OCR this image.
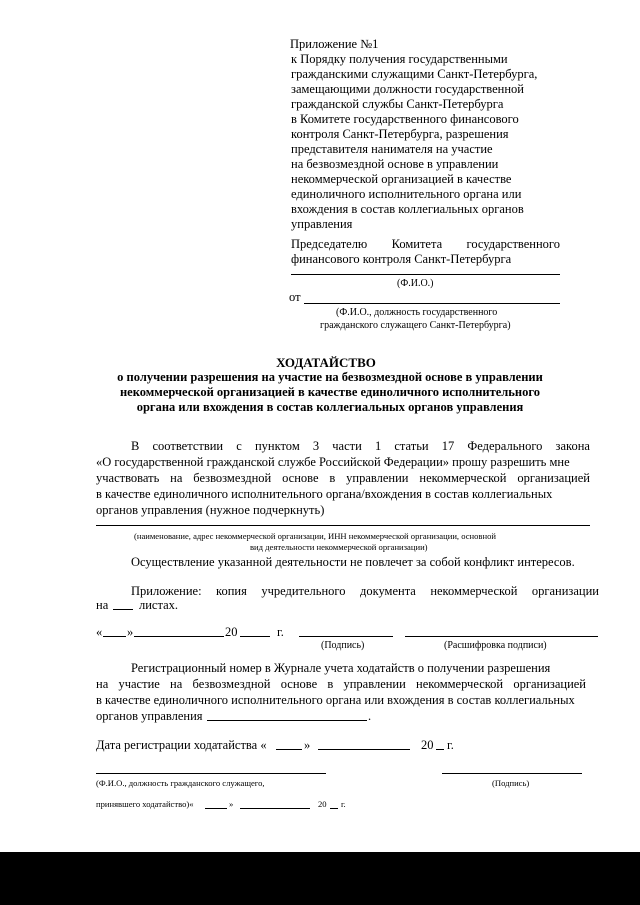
Приложение №1
к Порядку получения государственными
гражданскими служащими Санкт-Петербурга,
замещающими должности государственной
гражданской службы Санкт-Петербурга
в Комитете государственного финансового
контроля Санкт-Петербурга, разрешения
представителя нанимателя на участие
на безвозмездной основе в управлении
некоммерческой организацией в качестве
единоличного исполнительного органа или
вхождения в состав коллегиальных органов
управления
Председателю Комитета государственного
финансового контроля Санкт-Петербурга
(Ф.И.О.)
от
(Ф.И.О., должность государственного
гражданского служащего Санкт-Петербурга)
ХОДАТАЙСТВО
о получении разрешения на участие на безвозмездной основе в управлении
некоммерческой организацией в качестве единоличного исполнительного
органа или вхождения в состав коллегиальных органов управления
В соответствии с пунктом 3 части 1 статьи 17 Федерального закона
«О государственной гражданской службе Российской Федерации» прошу разрешить мне
участвовать на безвозмездной основе в управлении некоммерческой организацией
в качестве единоличного исполнительного органа/вхождения в состав коллегиальных
органов управления (нужное подчеркнуть)
(наименование, адрес некоммерческой организации, ИНН некоммерческой организации, основной
вид деятельности некоммерческой организации)
Осуществление указанной деятельности не повлечет за собой конфликт интересов.
Приложение: копия учредительного документа некоммерческой организации
на листах.
« »	20	г.
(Подпись)	(Расшифровка подписи)
Регистрационный номер в Журнале учета ходатайств о получении разрешения
на участие на безвозмездной основе в управлении некоммерческой организацией
в качестве единоличного исполнительного органа или вхождения в состав коллегиальных
органов управления	.
Дата регистрации ходатайства «	»	20 г.
(Ф.И.О., должность гражданского служащего,	(Подпись)
принявшего ходатайство)«	»	20 г.
